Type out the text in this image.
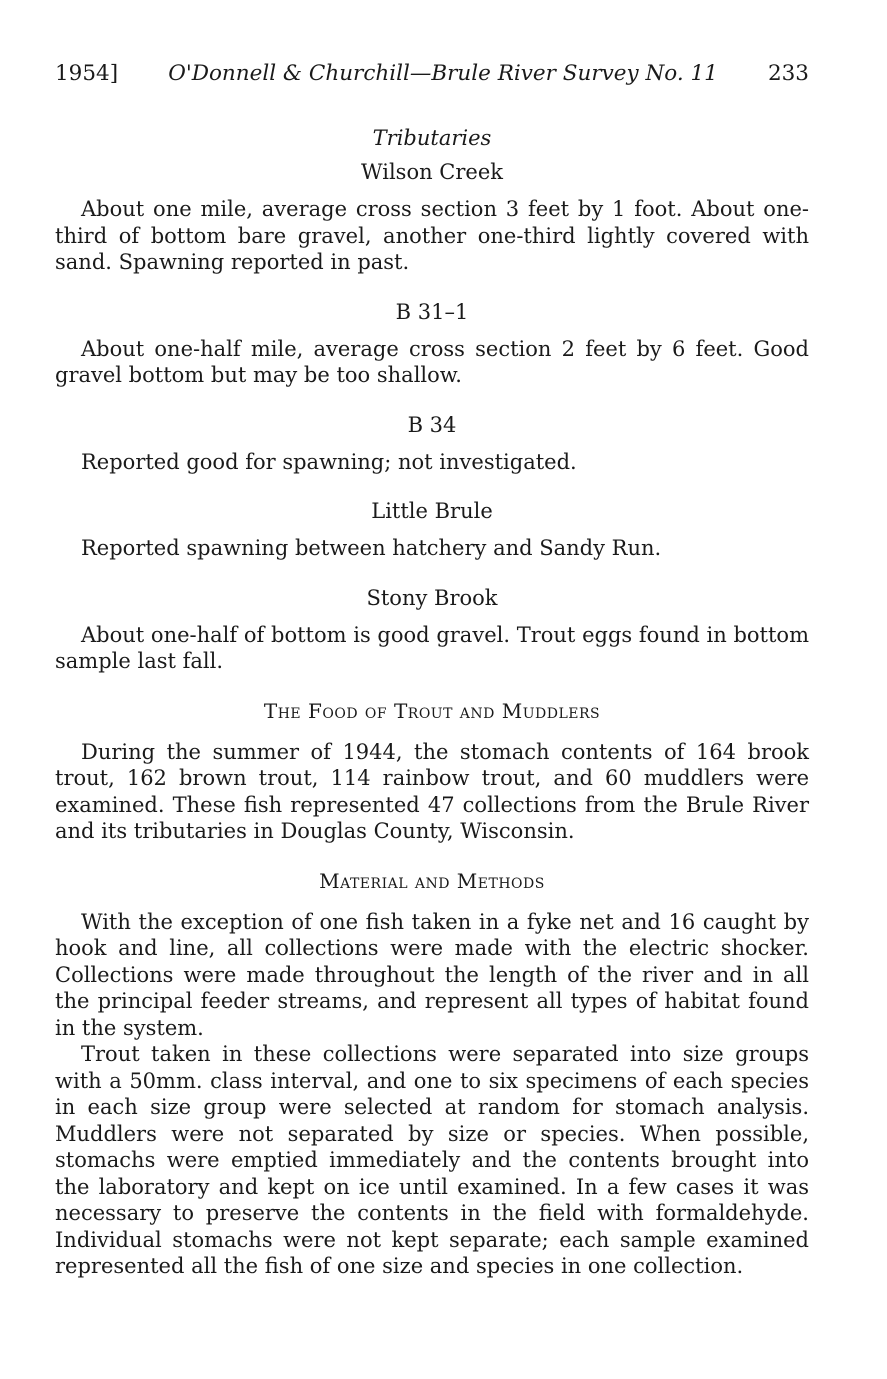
1954] O'Donnell & Churchill—Brule River Survey No. 11 233
Tributaries
Wilson Creek

About one mile, average cross section 3 feet by 1 foot. About one-third of bottom bare gravel, another one-third lightly covered with sand. Spawning reported in past.

B 31–1

About one-half mile, average cross section 2 feet by 6 feet. Good gravel bottom but may be too shallow.

B 34

Reported good for spawning; not investigated.

Little Brule

Reported spawning between hatchery and Sandy Run.

Stony Brook

About one-half of bottom is good gravel. Trout eggs found in bottom sample last fall.

The Food of Trout and Muddlers

During the summer of 1944, the stomach contents of 164 brook trout, 162 brown trout, 114 rainbow trout, and 60 muddlers were examined. These fish represented 47 collections from the Brule River and its tributaries in Douglas County, Wisconsin.

Material and Methods

With the exception of one fish taken in a fyke net and 16 caught by hook and line, all collections were made with the electric shocker. Collections were made throughout the length of the river and in all the principal feeder streams, and represent all types of habitat found in the system.

Trout taken in these collections were separated into size groups with a 50mm. class interval, and one to six specimens of each species in each size group were selected at random for stomach analysis. Muddlers were not separated by size or species. When possible, stomachs were emptied immediately and the contents brought into the laboratory and kept on ice until examined. In a few cases it was necessary to preserve the contents in the field with formaldehyde. Individual stomachs were not kept separate; each sample examined represented all the fish of one size and species in one collection.
